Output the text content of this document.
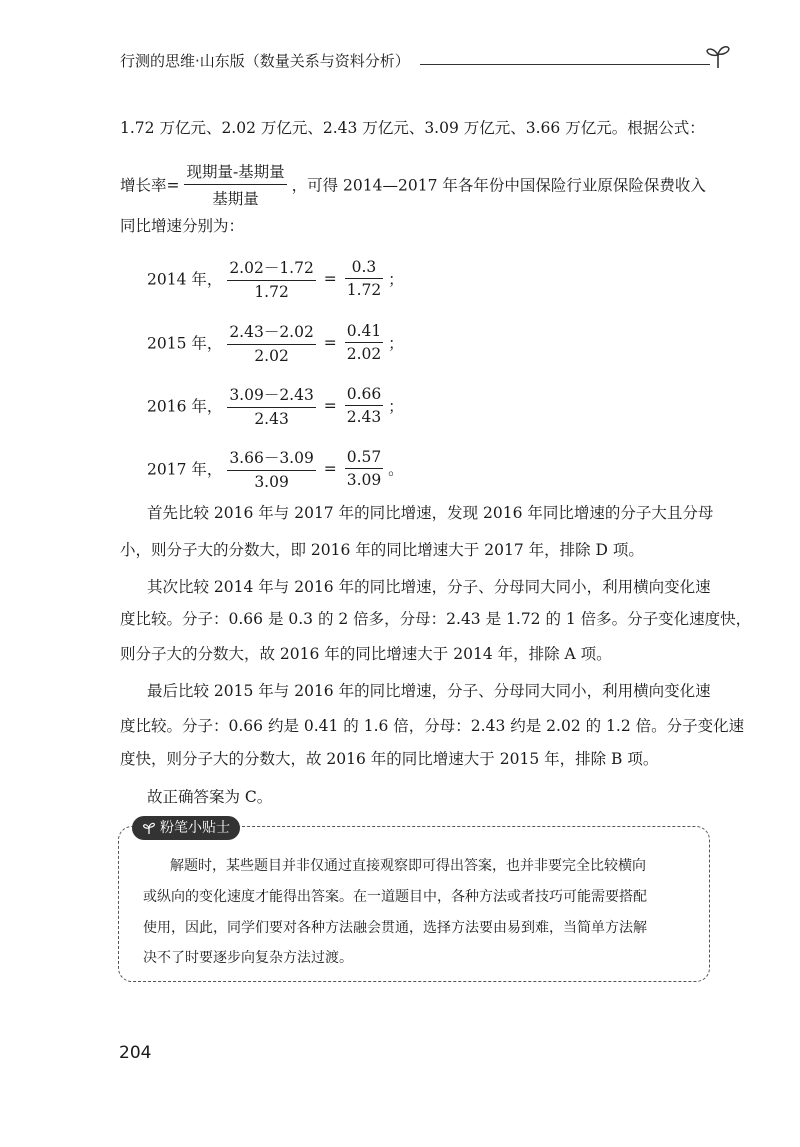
行测的思维·山东版（数量关系与资料分析）
1.72 万亿元、2.02 万亿元、2.43 万亿元、3.09 万亿元、3.66 万亿元。根据公式：
增长率= $\frac{\text{现期量-基期量}}{\text{基期量}}$ ，可得 2014—2017 年各年份中国保险行业原保险保费收入
同比增速分别为：
2014 年， $\frac{2.02-1.72}{1.72} = \frac{0.3}{1.72}$ ；
2015 年， $\frac{2.43-2.02}{2.02} = \frac{0.41}{2.02}$ ；
2016 年， $\frac{3.09-2.43}{2.43} = \frac{0.66}{2.43}$ ；
2017 年， $\frac{3.66-3.09}{3.09} = \frac{0.57}{3.09}$ 。
首先比较 2016 年与 2017 年的同比增速，发现 2016 年同比增速的分子大且分母
小，则分子大的分数大，即 2016 年的同比增速大于 2017 年，排除 D 项。
其次比较 2014 年与 2016 年的同比增速，分子、分母同大同小，利用横向变化速
度比较。分子：0.66 是 0.3 的 2 倍多，分母：2.43 是 1.72 的 1 倍多。分子变化速度快，
则分子大的分数大，故 2016 年的同比增速大于 2014 年，排除 A 项。
最后比较 2015 年与 2016 年的同比增速，分子、分母同大同小，利用横向变化速
度比较。分子：0.66 约是 0.41 的 1.6 倍，分母：2.43 约是 2.02 的 1.2 倍。分子变化速
度快，则分子大的分数大，故 2016 年的同比增速大于 2015 年，排除 B 项。
故正确答案为 C。
粉笔小贴士
解题时，某些题目并非仅通过直接观察即可得出答案，也并非要完全比较横向
或纵向的变化速度才能得出答案。在一道题目中，各种方法或者技巧可能需要搭配
使用，因此，同学们要对各种方法融会贯通，选择方法要由易到难，当简单方法解
决不了时要逐步向复杂方法过渡。
204
